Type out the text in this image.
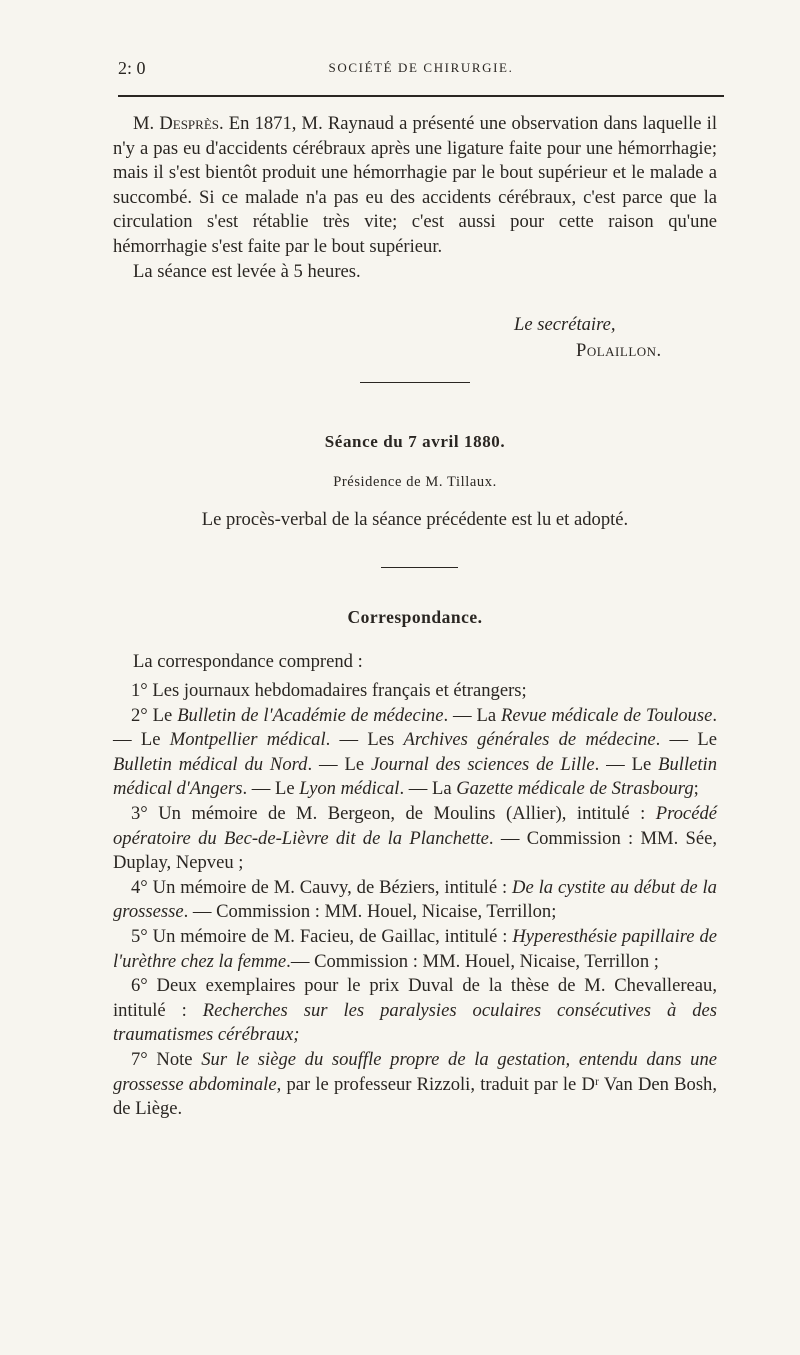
2: 0	SOCIÉTÉ DE CHIRURGIE.

M. Desprès. En 1871, M. Raynaud a présenté une observation dans laquelle il n'y a pas eu d'accidents cérébraux après une ligature faite pour une hémorrhagie; mais il s'est bientôt produit une hémorrhagie par le bout supérieur et le malade a succombé. Si ce malade n'a pas eu des accidents cérébraux, c'est parce que la circulation s'est rétablie très vite; c'est aussi pour cette raison qu'une hémorrhagie s'est faite par le bout supérieur.

La séance est levée à 5 heures.

Le secrétaire,
Polaillon.
Séance du 7 avril 1880.
Présidence de M. Tillaux.
Le procès-verbal de la séance précédente est lu et adopté.
Correspondance.

La correspondance comprend :

1° Les journaux hebdomadaires français et étrangers;

2° Le Bulletin de l'Académie de médecine. — La Revue médicale de Toulouse. — Le Montpellier médical. — Les Archives générales de médecine. — Le Bulletin médical du Nord. — Le Journal des sciences de Lille. — Le Bulletin médical d'Angers. — Le Lyon médical. — La Gazette médicale de Strasbourg;

3° Un mémoire de M. Bergeon, de Moulins (Allier), intitulé : Procédé opératoire du Bec-de-Lièvre dit de la Planchette. — Commission : MM. Sée, Duplay, Nepveu ;

4° Un mémoire de M. Cauvy, de Béziers, intitulé : De la cystite au début de la grossesse. — Commission : MM. Houel, Nicaise, Terrillon;

5° Un mémoire de M. Facieu, de Gaillac, intitulé : Hyperesthésie papillaire de l'urèthre chez la femme.— Commission : MM. Houel, Nicaise, Terrillon ;

6° Deux exemplaires pour le prix Duval de la thèse de M. Chevallereau, intitulé : Recherches sur les paralysies oculaires consécutives à des traumatismes cérébraux;

7° Note Sur le siège du souffle propre de la gestation, entendu dans une grossesse abdominale, par le professeur Rizzoli, traduit par le Dʳ Van Den Bosh, de Liège.
